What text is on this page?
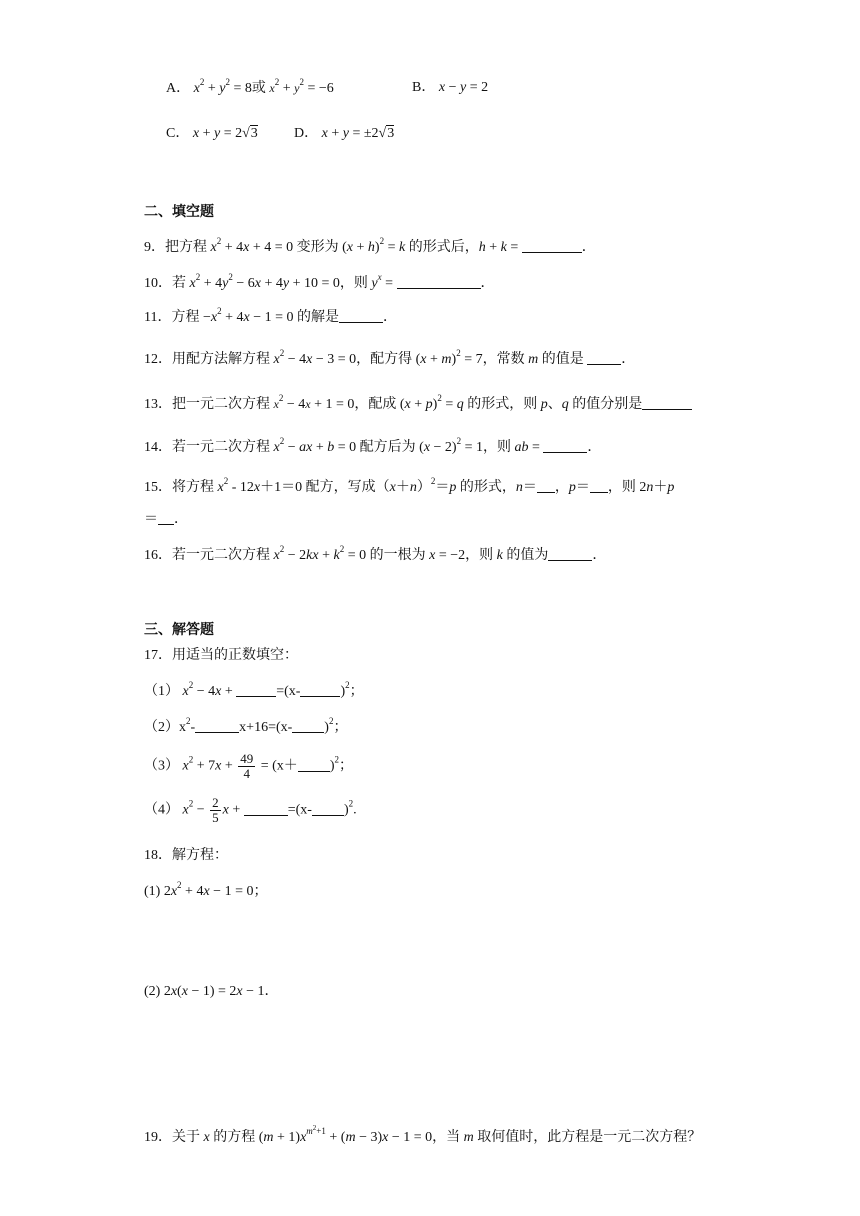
A． $x^2 + y^2 = 8$或 $x^2 + y^2 = -6$	B． x − y = 2
C． x + y = 2√3	D． x + y = ±2√3
二、填空题
9．把方程 $x^2 + 4x + 4 = 0$ 变形为 $(x + h)^2 = k$ 的形式后，h + k =	．
10．若 $x^2 + 4y^2 - 6x + 4y + 10 = 0$，则 $y^x$ =	．
11．方程 $-x^2 + 4x - 1 = 0$ 的解是	．
12．用配方法解方程 $x^2 - 4x - 3 = 0$，配方得 $(x + m)^2 = 7$，常数 m 的值是 ．
13．把一元二次方程 $x^2 - 4x + 1 = 0$，配成 $(x + p)^2 = q$ 的形式，则 p、q 的值分别是
14．若一元二次方程 $x^2$ − ax + b = 0 配方后为 $(x - 2)^2 = 1$，则 ab =	．
15．将方程 $x^2 - 12x+1=0$ 配方，写成$(x+n)^2=p$ 的形式，n＝ ，p＝ ，则 2n＋p
＝ ．
16．若一元二次方程 $x^2 - 2kx + k^2 = 0$ 的一根为 x = −2，则 k 的值为	．
三、解答题
17．用适当的正数填空：
（1） $x^2 - 4x$ +	=(x-	)$^2$；
$(2)x^2-$	x+16=(x- )$^2$；
（3） $x^2 + 7x + \frac{49}{4} = (x+ )^2$；
（4） $x^2 - \frac{2}{5}$ x +	=(x- )$^2$.
18．解方程：
(1) $2x^2 + 4x - 1 = 0$；
(2) 2x(x − 1) = 2x − 1．
19．关于 x 的方程 $(m + 1)x^{m^2+1} + (m - 3)x - 1 = 0$，当 m 取何值时，此方程是一元二次方程？
